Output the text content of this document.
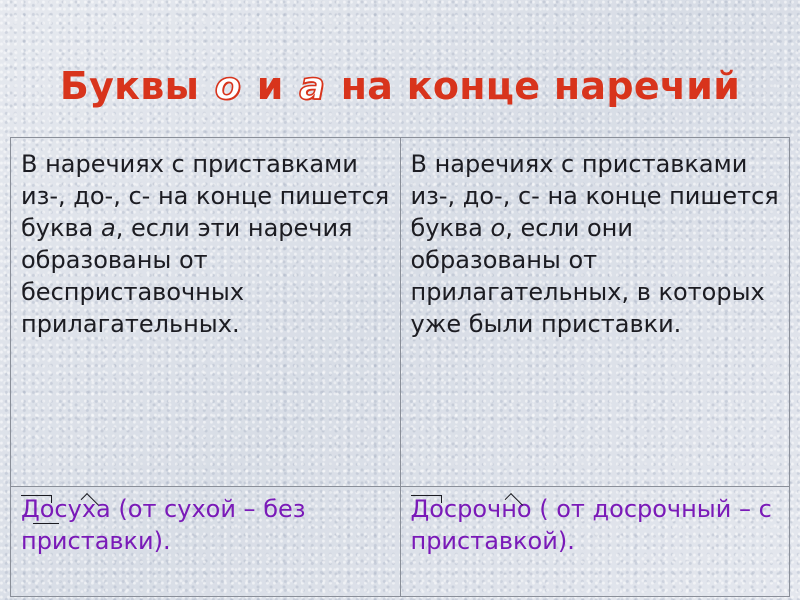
Буквы о и а на конце наречий
В наречиях с приставками из-, до-, с- на конце пишется буква а, если эти наречия образованы от бесприставочных прилагательных.	В наречиях с приставками из-, до-, с- на конце пишется буква о, если они образованы от прилагательных, в которых уже были приставки.
Досуха (от сухой – без приставки).	Досрочно ( от досрочный – с приставкой).
